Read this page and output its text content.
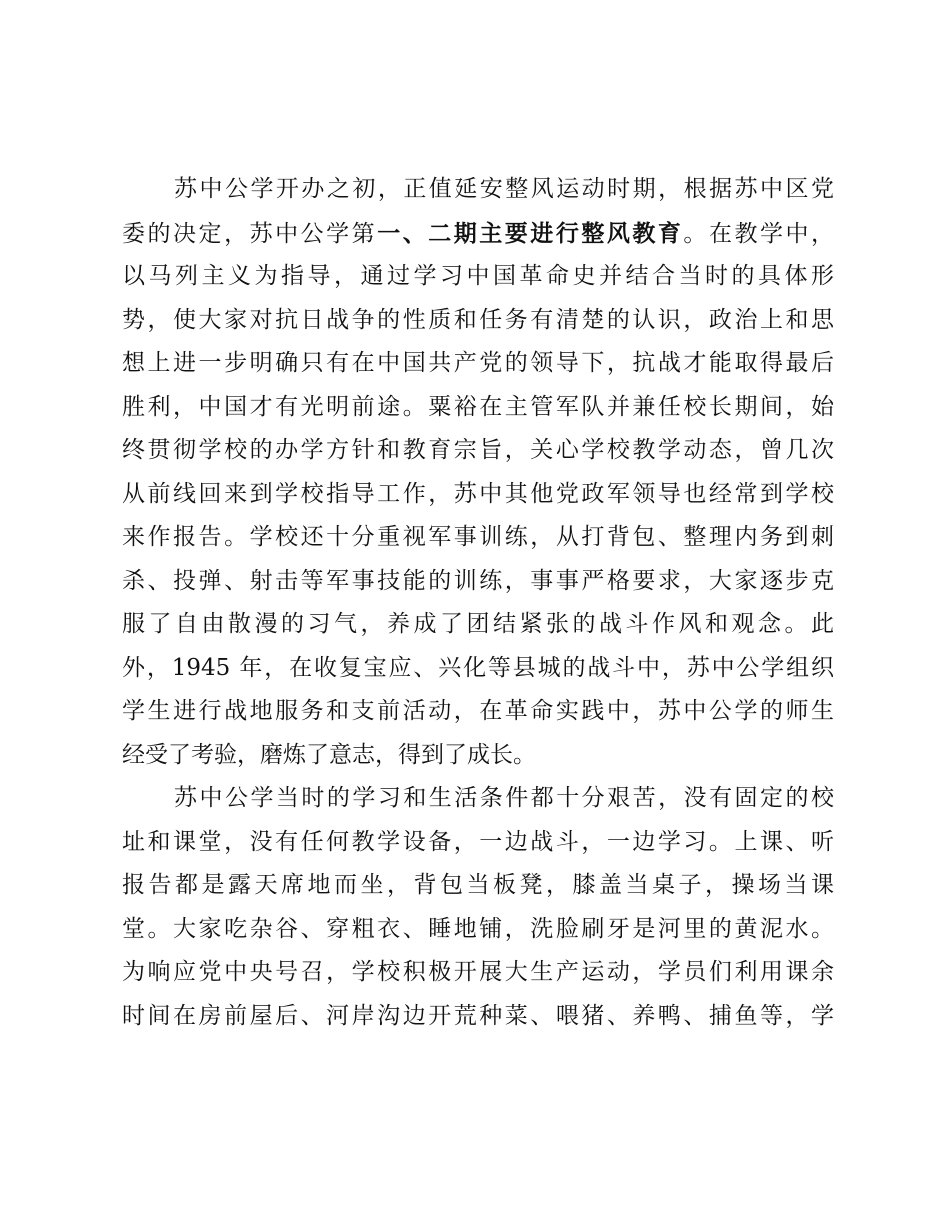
苏中公学开办之初，正值延安整风运动时期，根据苏中区党
委的决定，苏中公学第一、二期主要进行整风教育。在教学中，
以马列主义为指导，通过学习中国革命史并结合当时的具体形
势，使大家对抗日战争的性质和任务有清楚的认识，政治上和思
想上进一步明确只有在中国共产党的领导下，抗战才能取得最后
胜利，中国才有光明前途。粟裕在主管军队并兼任校长期间，始
终贯彻学校的办学方针和教育宗旨，关心学校教学动态，曾几次
从前线回来到学校指导工作，苏中其他党政军领导也经常到学校
来作报告。学校还十分重视军事训练，从打背包、整理内务到刺
杀、投弹、射击等军事技能的训练，事事严格要求，大家逐步克
服了自由散漫的习气，养成了团结紧张的战斗作风和观念。此
外，1945 年，在收复宝应、兴化等县城的战斗中，苏中公学组织
学生进行战地服务和支前活动，在革命实践中，苏中公学的师生
经受了考验，磨炼了意志，得到了成长。
苏中公学当时的学习和生活条件都十分艰苦，没有固定的校
址和课堂，没有任何教学设备，一边战斗，一边学习。上课、听
报告都是露天席地而坐，背包当板凳，膝盖当桌子，操场当课
堂。大家吃杂谷、穿粗衣、睡地铺，洗脸刷牙是河里的黄泥水。
为响应党中央号召，学校积极开展大生产运动，学员们利用课余
时间在房前屋后、河岸沟边开荒种菜、喂猪、养鸭、捕鱼等，学
